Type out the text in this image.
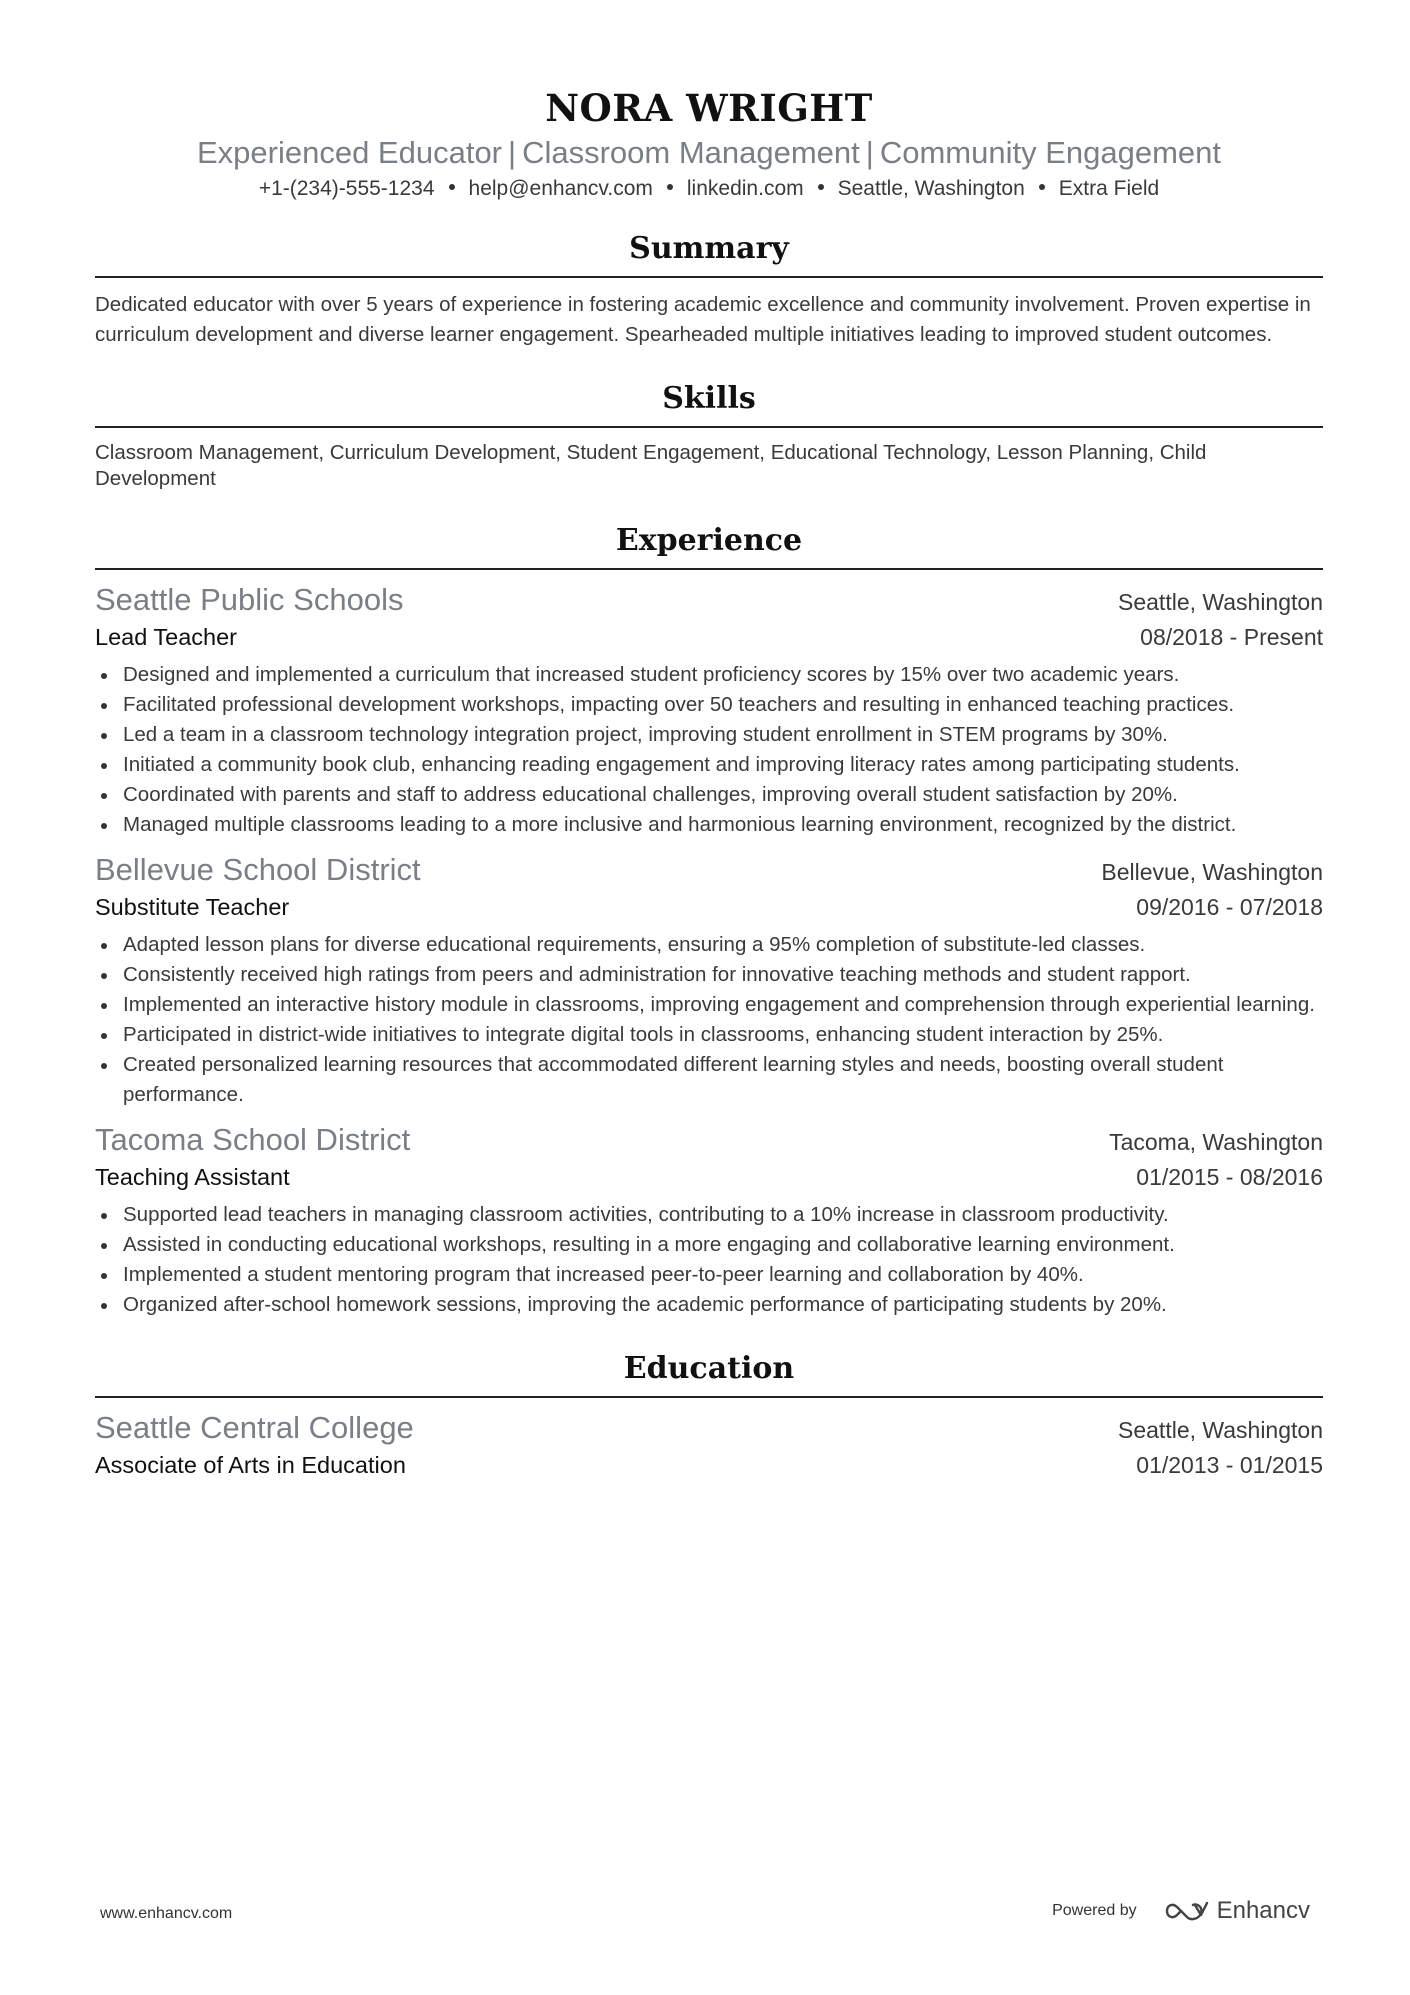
NORA WRIGHT
Experienced Educator | Classroom Management | Community Engagement
+1-(234)-555-1234 help@enhancv.com linkedin.com Seattle, Washington Extra Field
Summary
Dedicated educator with over 5 years of experience in fostering academic excellence and community involvement. Proven expertise in curriculum development and diverse learner engagement. Spearheaded multiple initiatives leading to improved student outcomes.
Skills
Classroom Management, Curriculum Development, Student Engagement, Educational Technology, Lesson Planning, Child Development
Experience
Seattle Public Schools	Seattle, Washington
Lead Teacher	08/2018 - Present
Designed and implemented a curriculum that increased student proficiency scores by 15% over two academic years.
Facilitated professional development workshops, impacting over 50 teachers and resulting in enhanced teaching practices.
Led a team in a classroom technology integration project, improving student enrollment in STEM programs by 30%.
Initiated a community book club, enhancing reading engagement and improving literacy rates among participating students.
Coordinated with parents and staff to address educational challenges, improving overall student satisfaction by 20%.
Managed multiple classrooms leading to a more inclusive and harmonious learning environment, recognized by the district.
Bellevue School District	Bellevue, Washington
Substitute Teacher	09/2016 - 07/2018
Adapted lesson plans for diverse educational requirements, ensuring a 95% completion of substitute-led classes.
Consistently received high ratings from peers and administration for innovative teaching methods and student rapport.
Implemented an interactive history module in classrooms, improving engagement and comprehension through experiential learning.
Participated in district-wide initiatives to integrate digital tools in classrooms, enhancing student interaction by 25%.
Created personalized learning resources that accommodated different learning styles and needs, boosting overall student performance.
Tacoma School District	Tacoma, Washington
Teaching Assistant	01/2015 - 08/2016
Supported lead teachers in managing classroom activities, contributing to a 10% increase in classroom productivity.
Assisted in conducting educational workshops, resulting in a more engaging and collaborative learning environment.
Implemented a student mentoring program that increased peer-to-peer learning and collaboration by 40%.
Organized after-school homework sessions, improving the academic performance of participating students by 20%.
Education
Seattle Central College	Seattle, Washington
Associate of Arts in Education	01/2013 - 01/2015
www.enhancv.com	Powered by	Enhancv
